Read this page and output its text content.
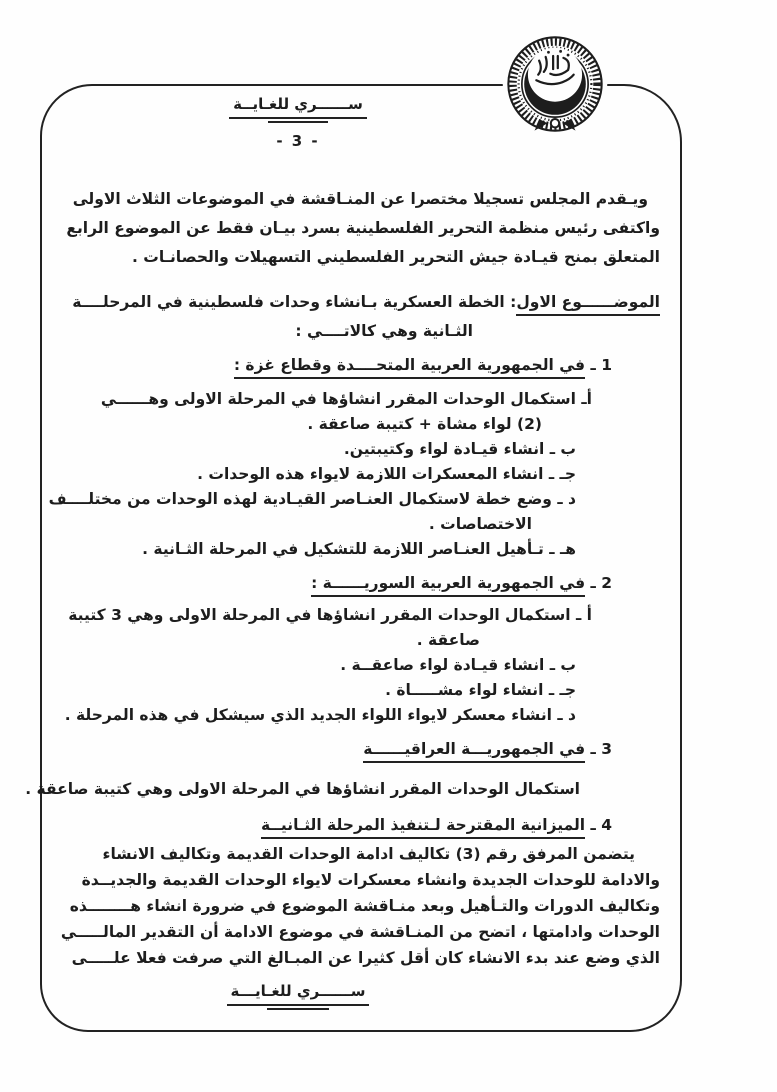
ســــــري للغـايــة
- 3 -
ويـقدم المجلس تسجيلا مختصرا عن المنـاقشة في الموضوعات الثلاث الاولى
واكتفى رئيس منظمة التحرير الفلسطينية بسرد بيـان فقط عن الموضوع الرابع
المتعلق بمنح قيـادة جيش التحرير الفلسطيني التسهيلات والحصانـات .
الموضــــــوع الاول: الخطة العسكرية بـانشاء وحدات فلسطينية في المرحلــــة
الثـانية وهي كالاتــــي :
1 ـ في الجمهورية العربية المتحــــدة وقطاع غزة :
أـ استكمال الوحدات المقرر انشاؤها في المرحلة الاولى وهــــــي
(2) لواء مشاة + كتيبة صاعقة .
ب ـ انشاء قيـادة لواء وكتيبتين.
جـ ـ انشاء المعسكرات اللازمة لايواء هذه الوحدات .
د ـ وضع خطة لاستكمال العنـاصر القيـادية لهذه الوحدات من مختلــــف
الاختصاصات .
هـ ـ تـأهيل العنـاصر اللازمة للتشكيل في المرحلة الثـانية .
2 ـ في الجمهورية العربية السوريــــــة :
أ ـ استكمال الوحدات المقرر انشاؤها في المرحلة الاولى وهي 3 كتيبة
صاعقة .
ب ـ انشاء قيـادة لواء صاعقــة .
جـ ـ انشاء لواء مشـــــاة .
د ـ انشاء معسكر لايواء اللواء الجديد الذي سيشكل في هذه المرحلة .
3 ـ في الجمهوريـــة العراقيــــــة
استكمال الوحدات المقرر انشاؤها في المرحلة الاولى وهي كتيبة صاعقة .
4 ـ الميزانية المقترحة لـتنفيذ المرحلة الثـانيــة
يتضمن المرفق رقم (3) تكاليف ادامة الوحدات القديمة وتكاليف الانشاء
والادامة للوحدات الجديدة وانشاء معسكرات لايواء الوحدات القديمة والجديــدة
وتكاليف الدورات والتـأهيل وبعد منـاقشة الموضوع في ضرورة انشاء هــــــــذه
الوحدات وادامتها ، اتضح من المنـاقشة في موضوع الادامة أن التقدير المالـــــي
الذي وضع عند بدء الانشاء كان أقل كثيرا عن المبـالغ التي صرفت فعلا علـــــى
ســــــري للغـايـــة
